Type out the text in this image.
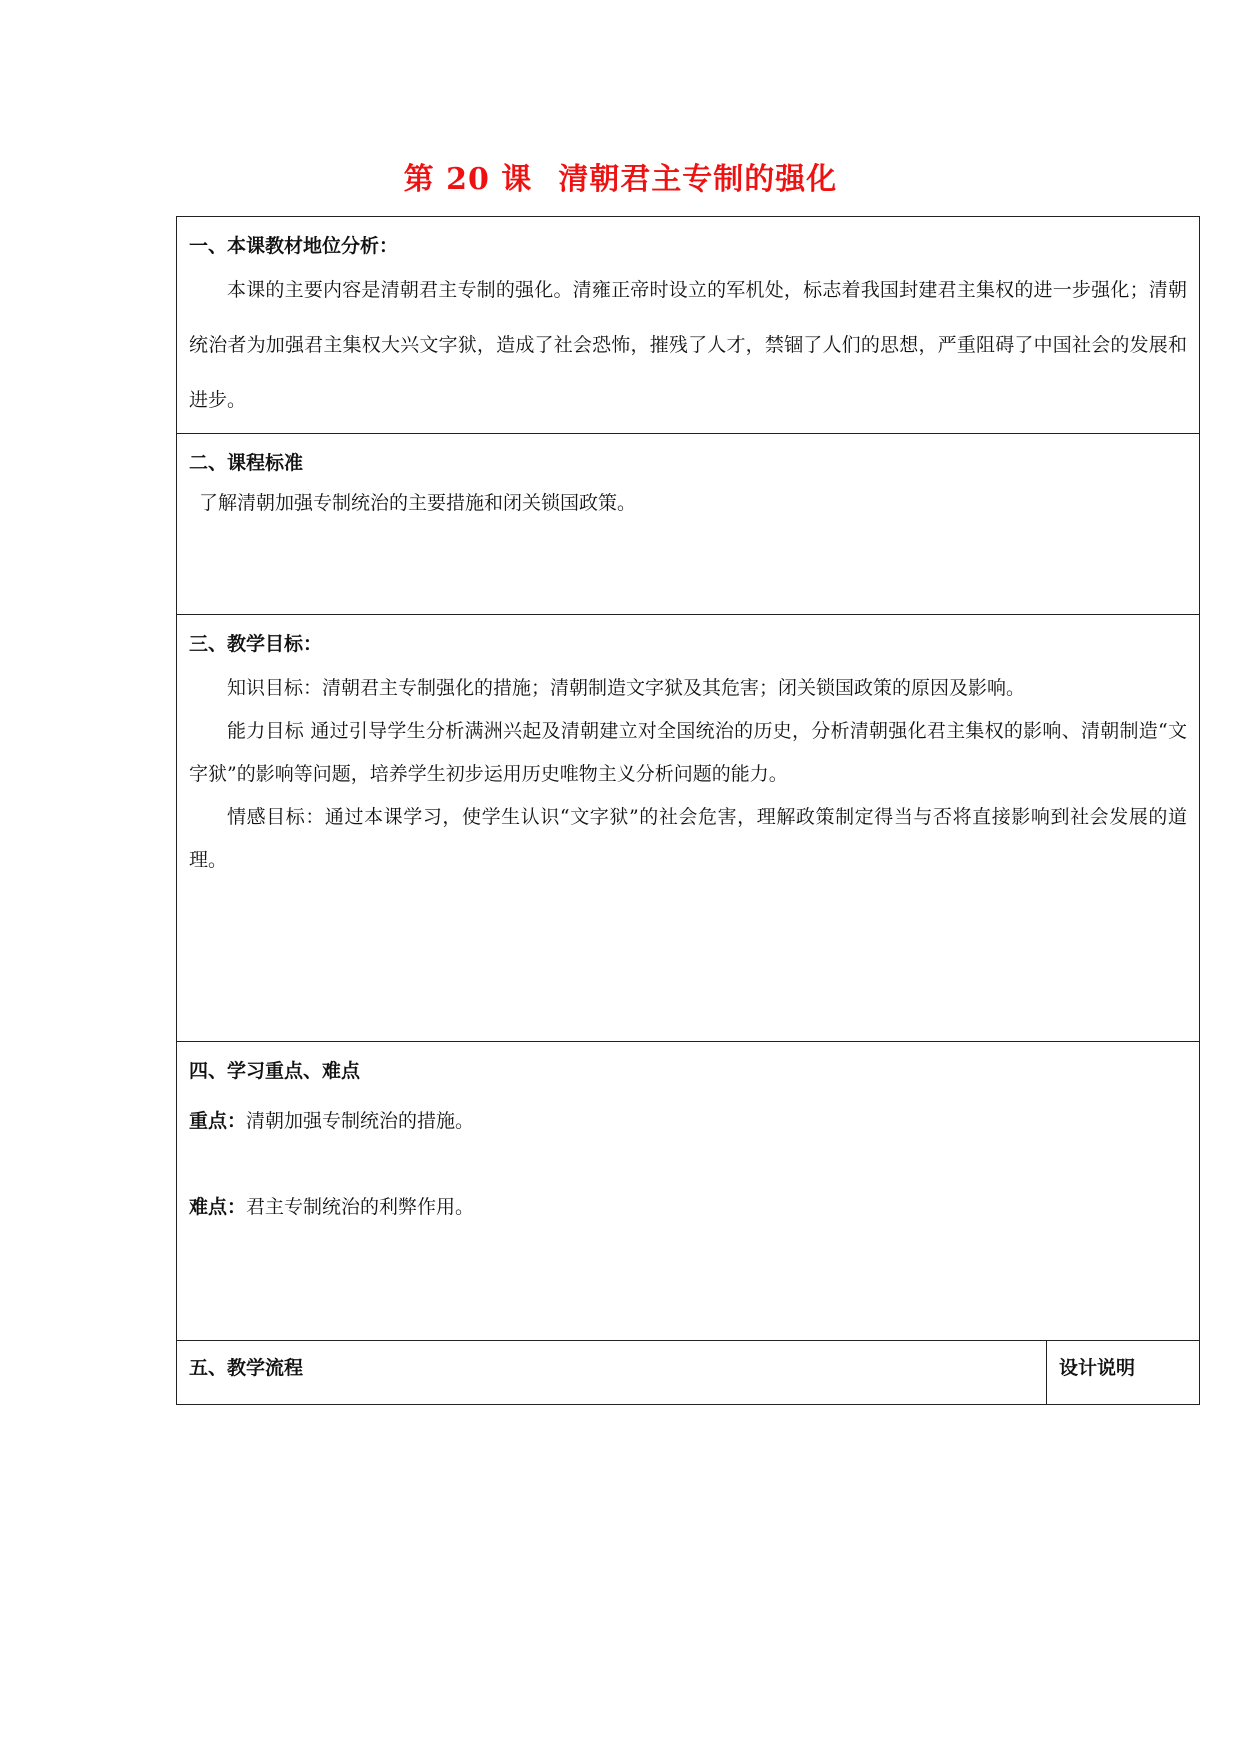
第 20 课 清朝君主专制的强化
一、本课教材地位分析：

本课的主要内容是清朝君主专制的强化。清雍正帝时设立的军机处，标志着我国封建君主集权的进一步强化；清朝统治者为加强君主集权大兴文字狱，造成了社会恐怖，摧残了人才，禁锢了人们的思想，严重阻碍了中国社会的发展和进步。

二、课程标准
了解清朝加强专制统治的主要措施和闭关锁国政策。
三、教学目标：

知识目标：清朝君主专制强化的措施；清朝制造文字狱及其危害；闭关锁国政策的原因及影响。

能力目标 通过引导学生分析满洲兴起及清朝建立对全国统治的历史，分析清朝强化君主集权的影响、清朝制造“文字狱”的影响等问题，培养学生初步运用历史唯物主义分析问题的能力。

情感目标：通过本课学习，使学生认识“文字狱”的社会危害，理解政策制定得当与否将直接影响到社会发展的道理。

四、学习重点、难点
重点：清朝加强专制统治的措施。
难点：君主专制统治的利弊作用。
五、教学流程	设计说明
